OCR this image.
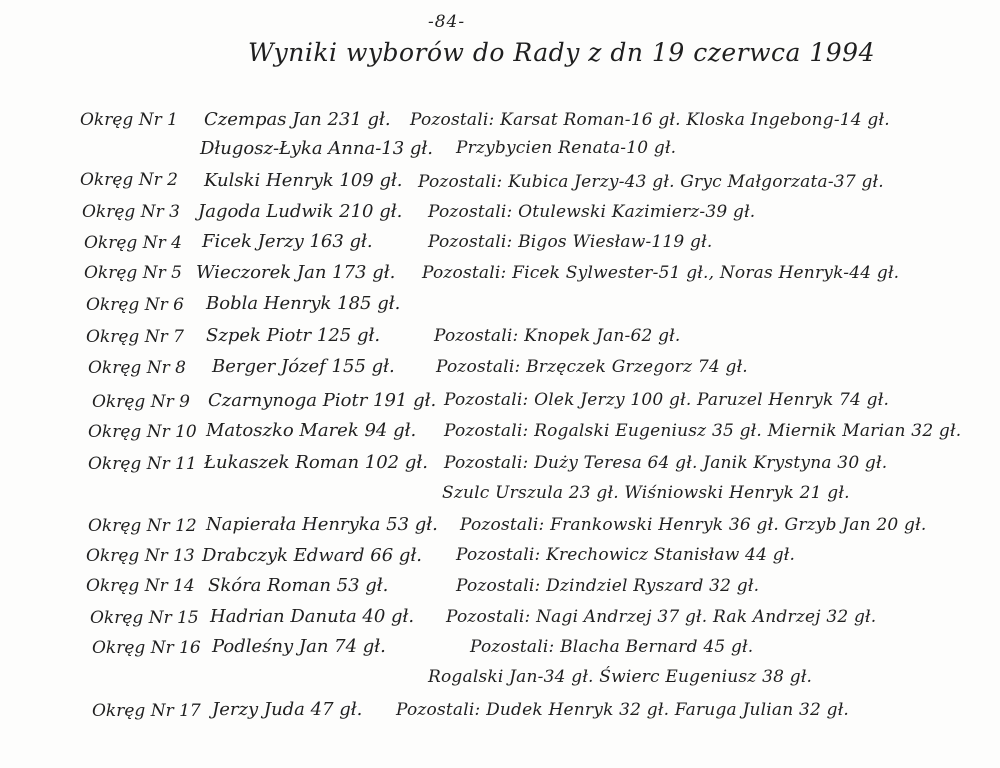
-84-
Wyniki wyborów do Rady z dn 19 czerwca 1994
Okręg Nr 1 Czempas Jan 231 gł. Pozostali: Karsat Roman-16 gł. Kloska Ingebong-14 gł.
Długosz-Łyka Anna-13 gł. Przybycien Renata-10 gł.
Okręg Nr 2 Kulski Henryk 109 gł. Pozostali: Kubica Jerzy-43 gł. Gryc Małgorzata-37 gł.
Okręg Nr 3 Jagoda Ludwik 210 gł. Pozostali: Otulewski Kazimierz-39 gł.
Okręg Nr 4 Ficek Jerzy 163 gł.	Pozostali: Bigos Wiesław-119 gł.
Okręg Nr 5 Wieczorek Jan 173 gł. Pozostali: Ficek Sylwester-51 gł., Noras Henryk-44 gł.
Okręg Nr 6 Bobla Henryk 185 gł.
Okręg Nr 7 Szpek Piotr 125 gł.	Pozostali: Knopek Jan-62 gł.
Okręg Nr 8 Berger Józef 155 gł. Pozostali: Brzęczek Grzegorz 74 gł.
Okręg Nr 9 Czarnynoga Piotr 191 gł. Pozostali: Olek Jerzy 100 gł. Paruzel Henryk 74 gł.
Okręg Nr 10 Matoszko Marek 94 gł. Pozostali: Rogalski Eugeniusz 35 gł. Miernik Marian 32 gł.
Okręg Nr 11 Łukaszek Roman 102 gł. Pozostali: Duży Teresa 64 gł. Janik Krystyna 30 gł.
Szulc Urszula 23 gł. Wiśniowski Henryk 21 gł.
Okręg Nr 12 Napierała Henryka 53 gł. Pozostali: Frankowski Henryk 36 gł. Grzyb Jan 20 gł.
Okręg Nr 13 Drabczyk Edward 66 gł. Pozostali: Krechowicz Stanisław 44 gł.
Okręg Nr 14 Skóra Roman 53 gł.	Pozostali: Dzindziel Ryszard 32 gł.
Okręg Nr 15 Hadrian Danuta 40 gł. Pozostali: Nagi Andrzej 37 gł. Rak Andrzej 32 gł.
Okręg Nr 16 Podleśny Jan 74 gł.	Pozostali: Blacha Bernard 45 gł.
Rogalski Jan-34 gł. Świerc Eugeniusz 38 gł.
Okręg Nr 17 Jerzy Juda 47 gł. Pozostali: Dudek Henryk 32 gł. Faruga Julian 32 gł.
